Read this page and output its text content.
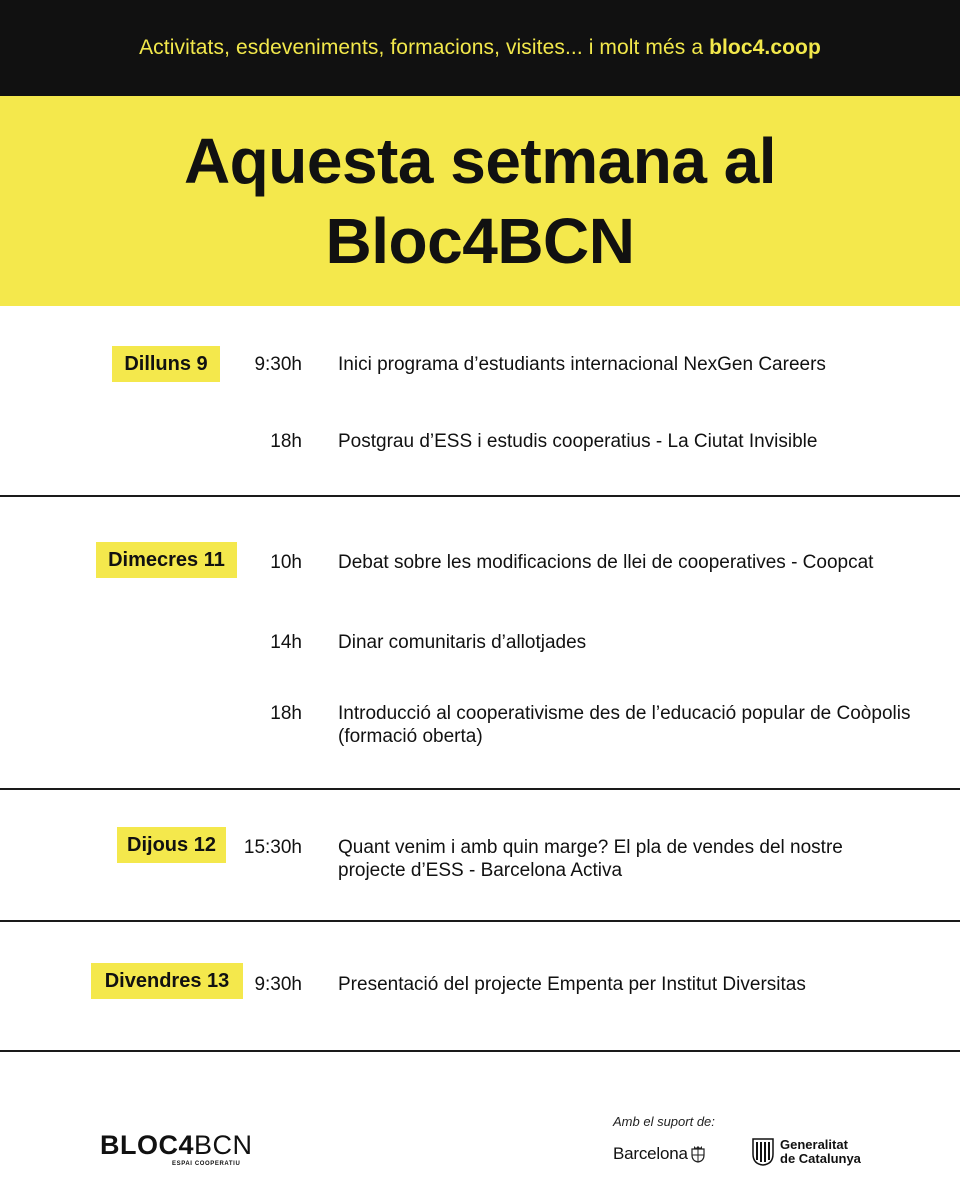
Activitats, esdeveniments, formacions, visites... i molt més a
bloc4.coop
Aquesta setmana al
Bloc4BCN
Dilluns 9	9:30h	Inici programa d’estudiants internacional NexGen Careers
18h	Postgrau d’ESS i estudis cooperatius - La Ciutat Invisible
Dimecres 11	10h	Debat sobre les modificacions de llei de cooperatives - Coopcat
14h	Dinar comunitaris d’allotjades
18h	Introducció al cooperativisme des de l’educació popular de Coòpolis (formació oberta)
Dijous 12	15:30h	Quant venim i amb quin marge? El pla de vendes del nostre projecte d’ESS - Barcelona Activa
Divendres 13	9:30h	Presentació del projecte Empenta per Institut Diversitas
BLOC4BCN
ESPAI COOPERATIU
Amb el suport de:
Barcelona	Generalitat
de Catalunya
